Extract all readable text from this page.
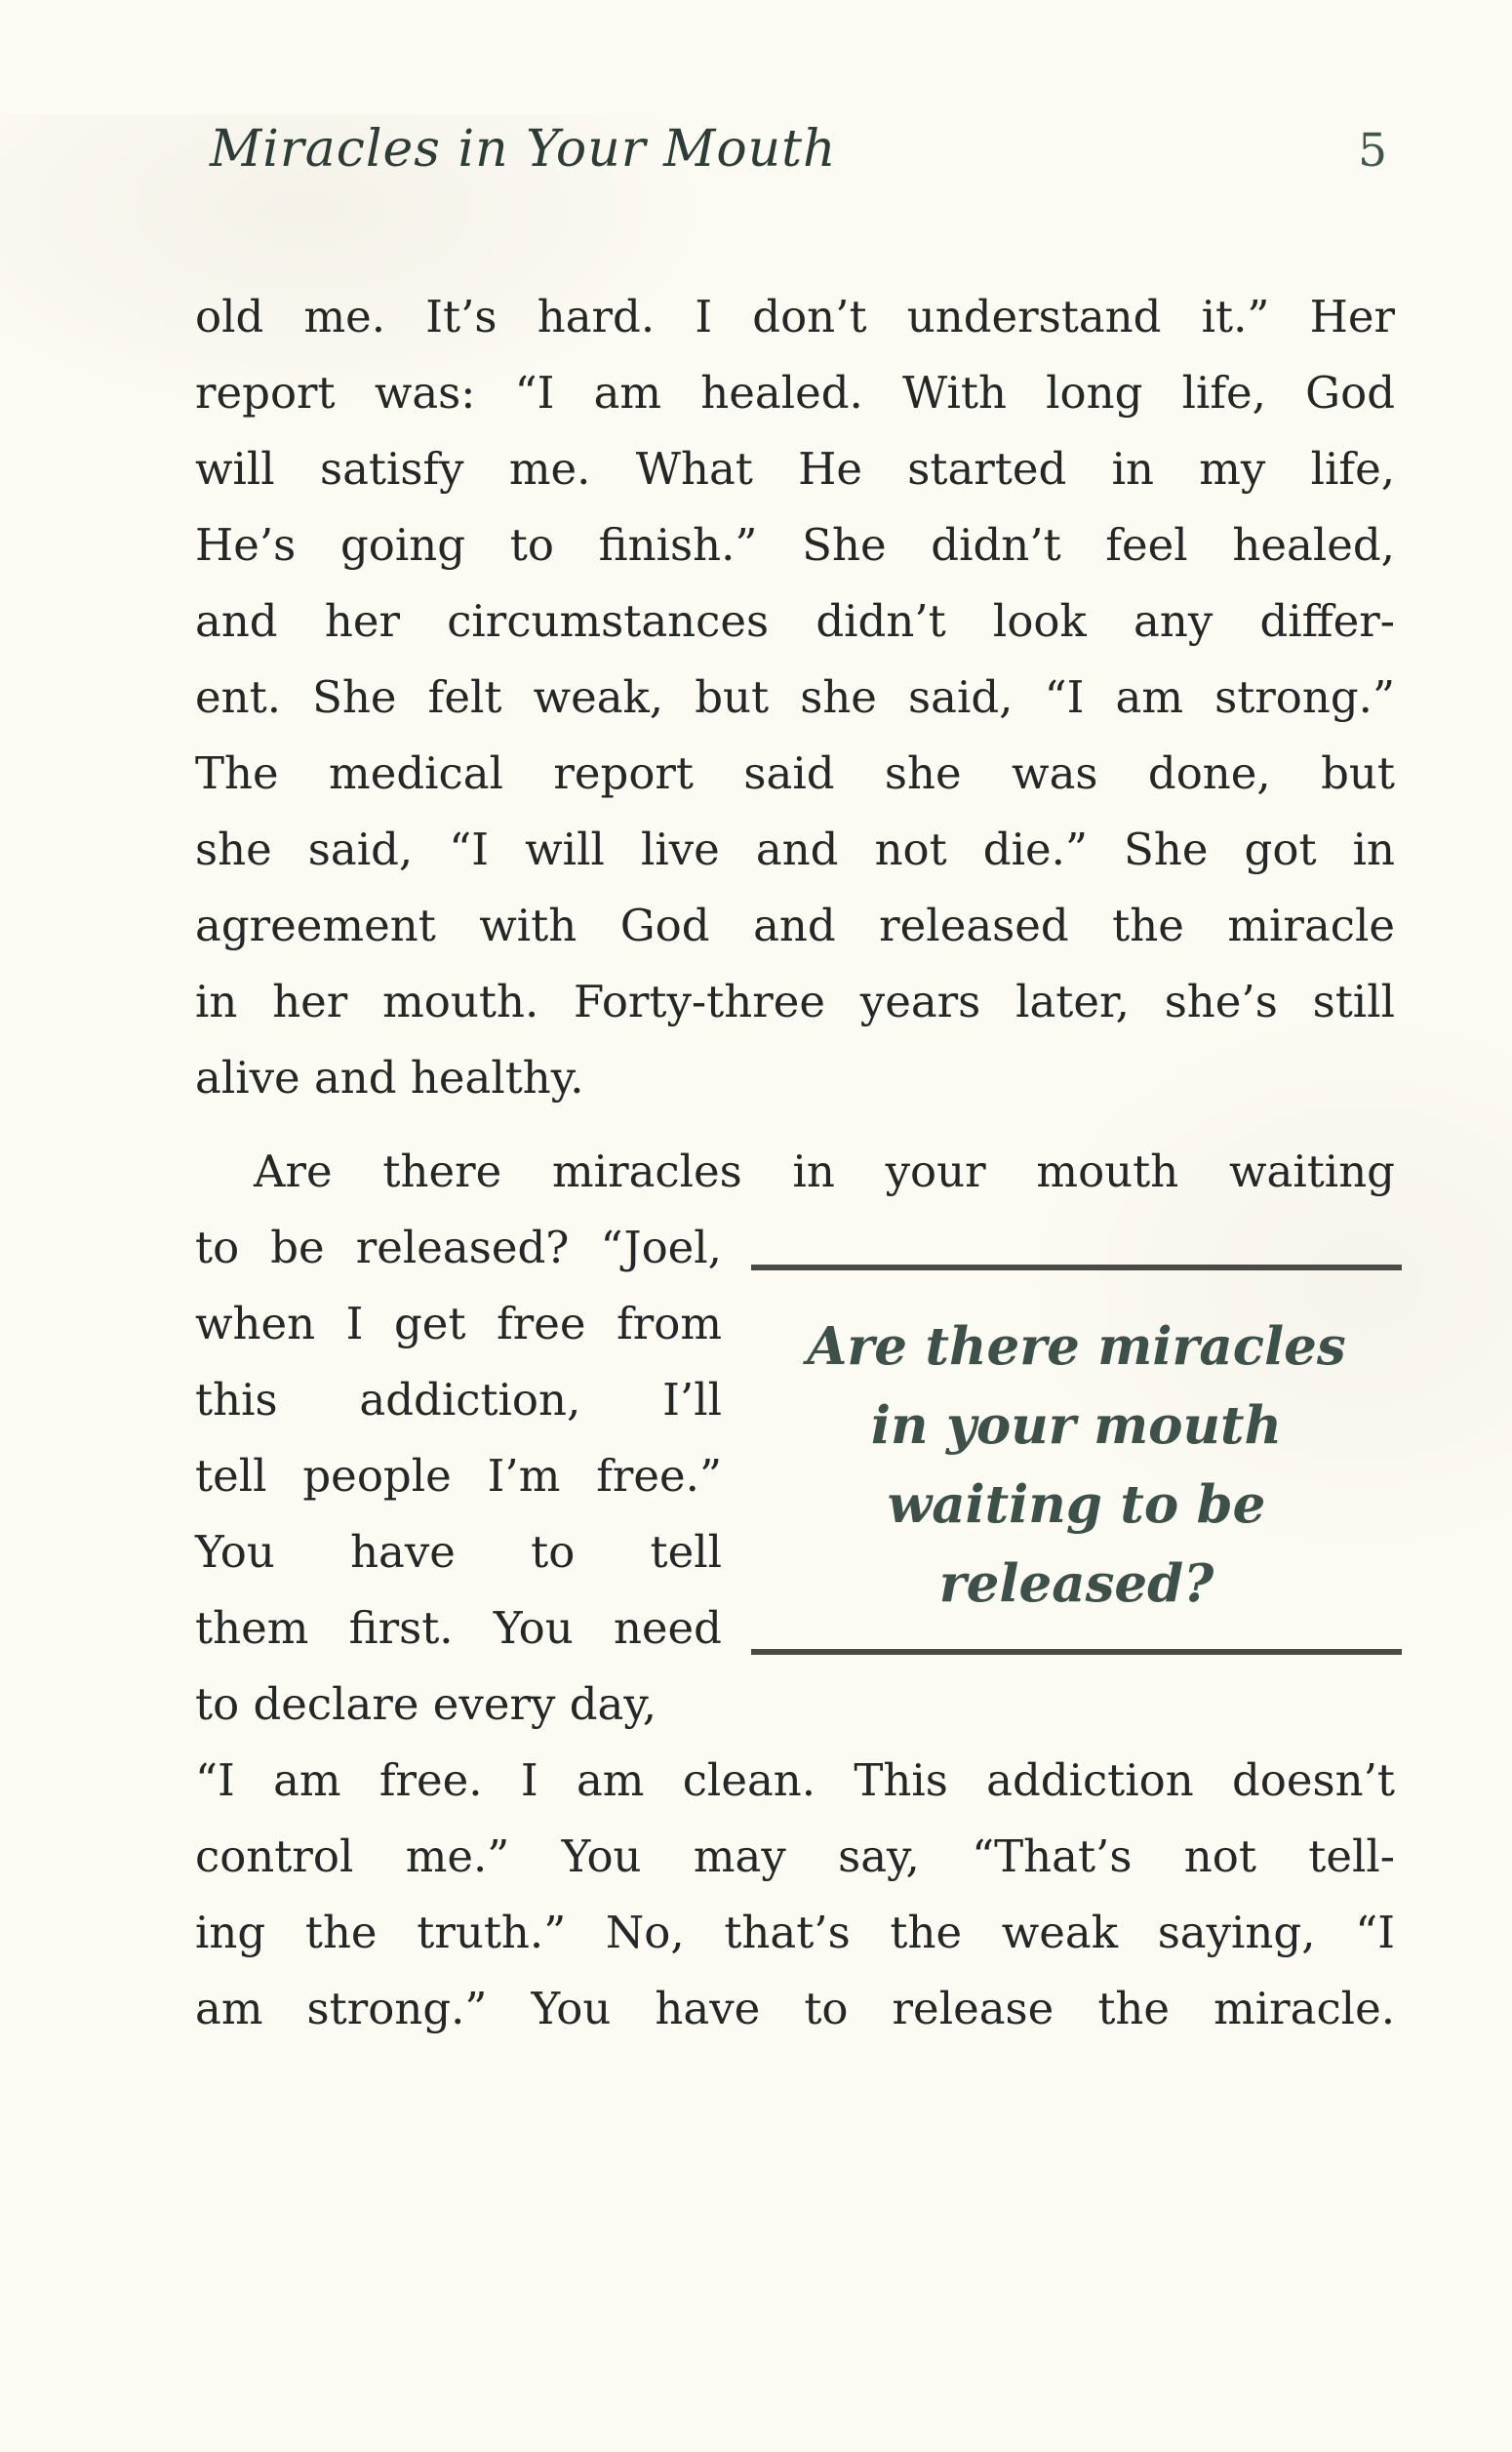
Miracles in Your Mouth	5
old me. It’s hard. I don’t understand it.” Her
report was: “I am healed. With long life, God
will satisfy me. What He started in my life,
He’s going to finish.” She didn’t feel healed,
and her circumstances didn’t look any differ-
ent. She felt weak, but she said, “I am strong.”
The medical report said she was done, but
she said, “I will live and not die.” She got in
agreement with God and released the miracle
in her mouth. Forty-three years later, she’s still
alive and healthy.
Are there miracles in your mouth waiting
to be released? “Joel,
when I get free from
this addiction, I’ll
tell people I’m free.”
You have to tell
them first. You need
to declare every day,
Are there miracles
in your mouth
waiting to be
released?
“I am free. I am clean. This addiction doesn’t
control me.” You may say, “That’s not tell-
ing the truth.” No, that’s the weak saying, “I
am strong.” You have to release the miracle.
